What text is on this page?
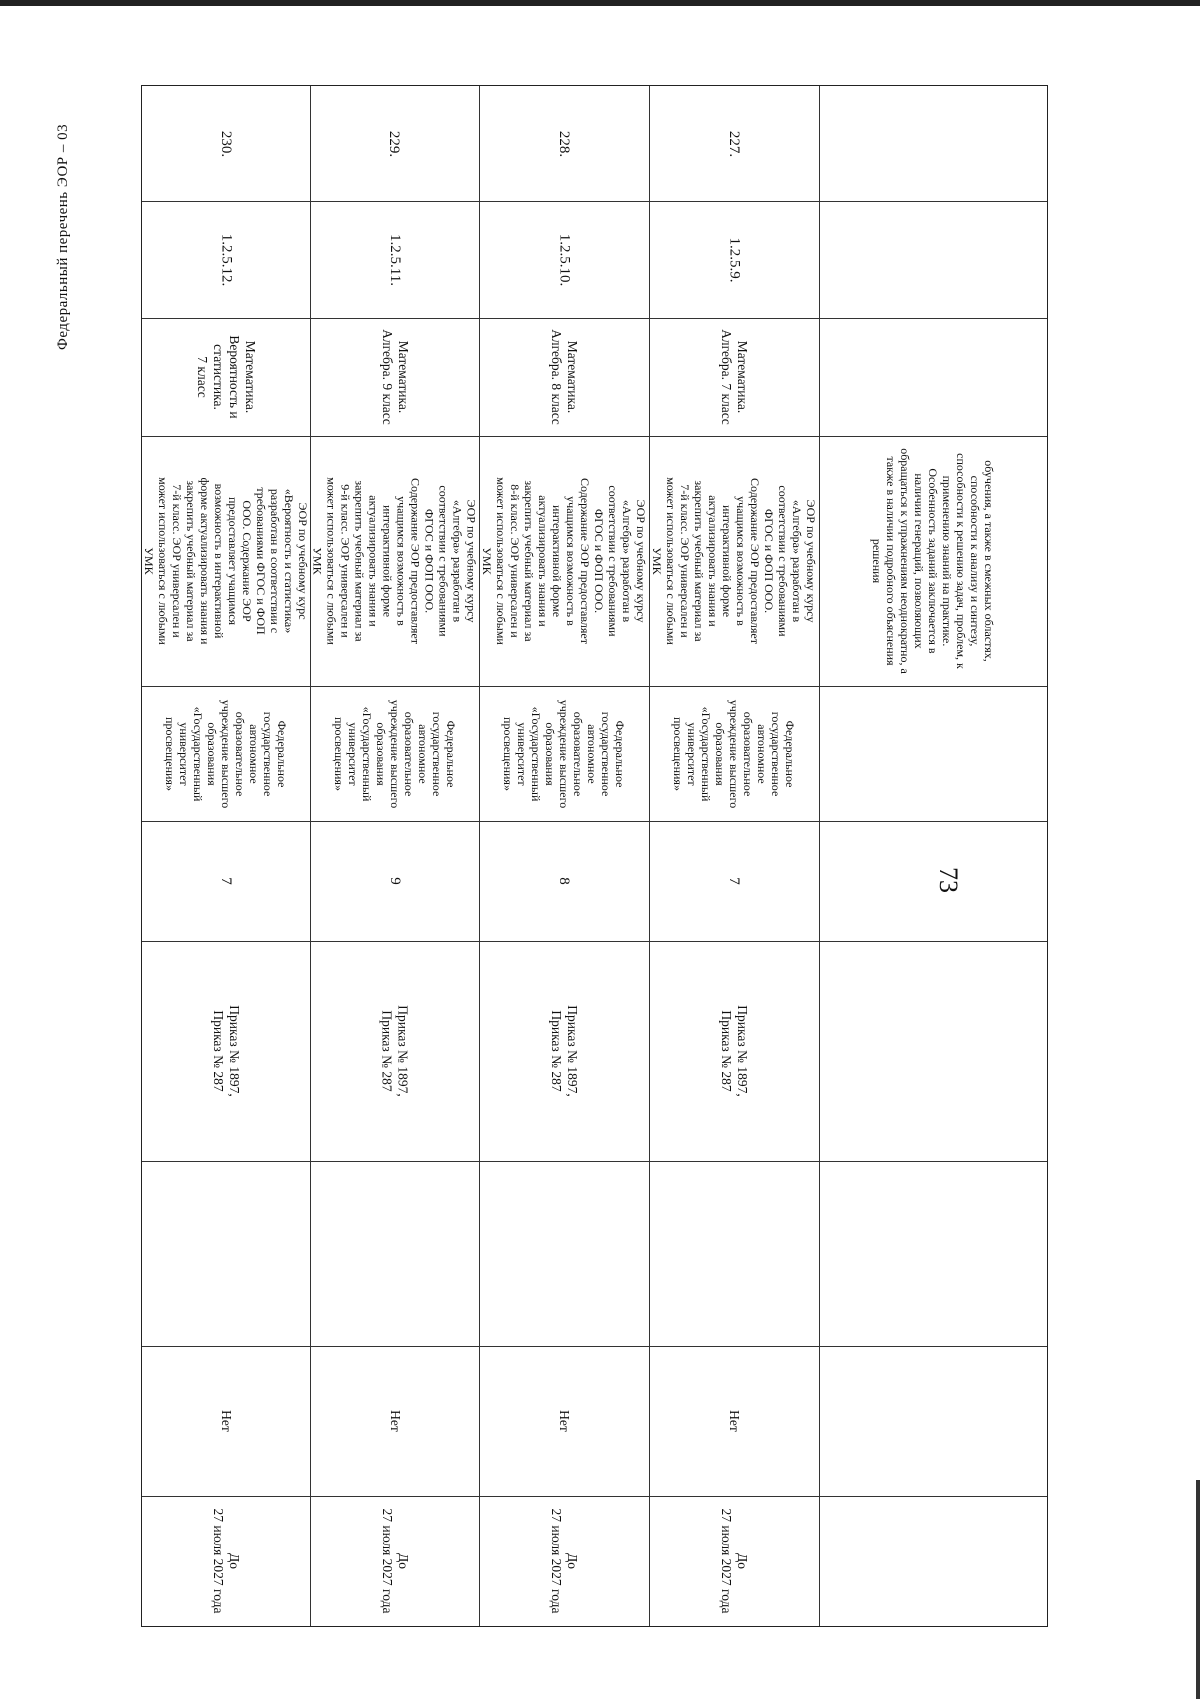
73
Федеральный перечень ЭОР – 03
обучения, а также в смежных областях, способности к анализу и синтезу, способности к решению задач, проблем, к применению знаний на практике. Особенность заданий заключается в наличии генераций, позволяющих обращаться к упражнениям неоднократно, а также в наличии подробного объяснения решения
227.
1.2.5.9.
Математика.
Алгебра. 7 класс
ЭОР по учебному курсу «Алгебра» разработан в соответствии с требованиями ФГОС и ФОП ООО. Содержание ЭОР предоставляет учащимся возможность в интерактивной форме актуализировать знания и закрепить учебный материал за 7-й класс. ЭОР универсален и может использоваться с любыми УМК
Федеральное государственное автономное образовательное учреждение высшего образования «Государственный университет просвещения»
7
Приказ № 1897,
Приказ № 287
Нет
До
27 июля 2027 года
228.
1.2.5.10.
Математика.
Алгебра. 8 класс
ЭОР по учебному курсу «Алгебра» разработан в соответствии с требованиями ФГОС и ФОП ООО. Содержание ЭОР предоставляет учащимся возможность в интерактивной форме актуализировать знания и закрепить учебный материал за 8-й класс. ЭОР универсален и может использоваться с любыми УМК
Федеральное государственное автономное образовательное учреждение высшего образования «Государственный университет просвещения»
8
Приказ № 1897,
Приказ № 287
Нет
До
27 июля 2027 года
229.
1.2.5.11.
Математика.
Алгебра. 9 класс
ЭОР по учебному курсу «Алгебра» разработан в соответствии с требованиями ФГОС и ФОП ООО. Содержание ЭОР предоставляет учащимся возможность в интерактивной форме актуализировать знания и закрепить учебный материал за 9-й класс. ЭОР универсален и может использоваться с любыми УМК
Федеральное государственное автономное образовательное учреждение высшего образования «Государственный университет просвещения»
9
Приказ № 1897,
Приказ № 287
Нет
До
27 июля 2027 года
230.
1.2.5.12.
Математика.
Вероятность и
статистика.
7 класс
ЭОР по учебному курс «Вероятность и статистика» разработан в соответствии с требованиями ФГОС и ФОП ООО. Содержание ЭОР предоставляет учащимся возможность в интерактивной форме актуализировать знания и закрепить учебный материал за 7-й класс. ЭОР универсален и может использоваться с любыми УМК
Федеральное государственное автономное образовательное учреждение высшего образования «Государственный университет просвещения»
7
Приказ № 1897,
Приказ № 287
Нет
До
27 июля 2027 года
